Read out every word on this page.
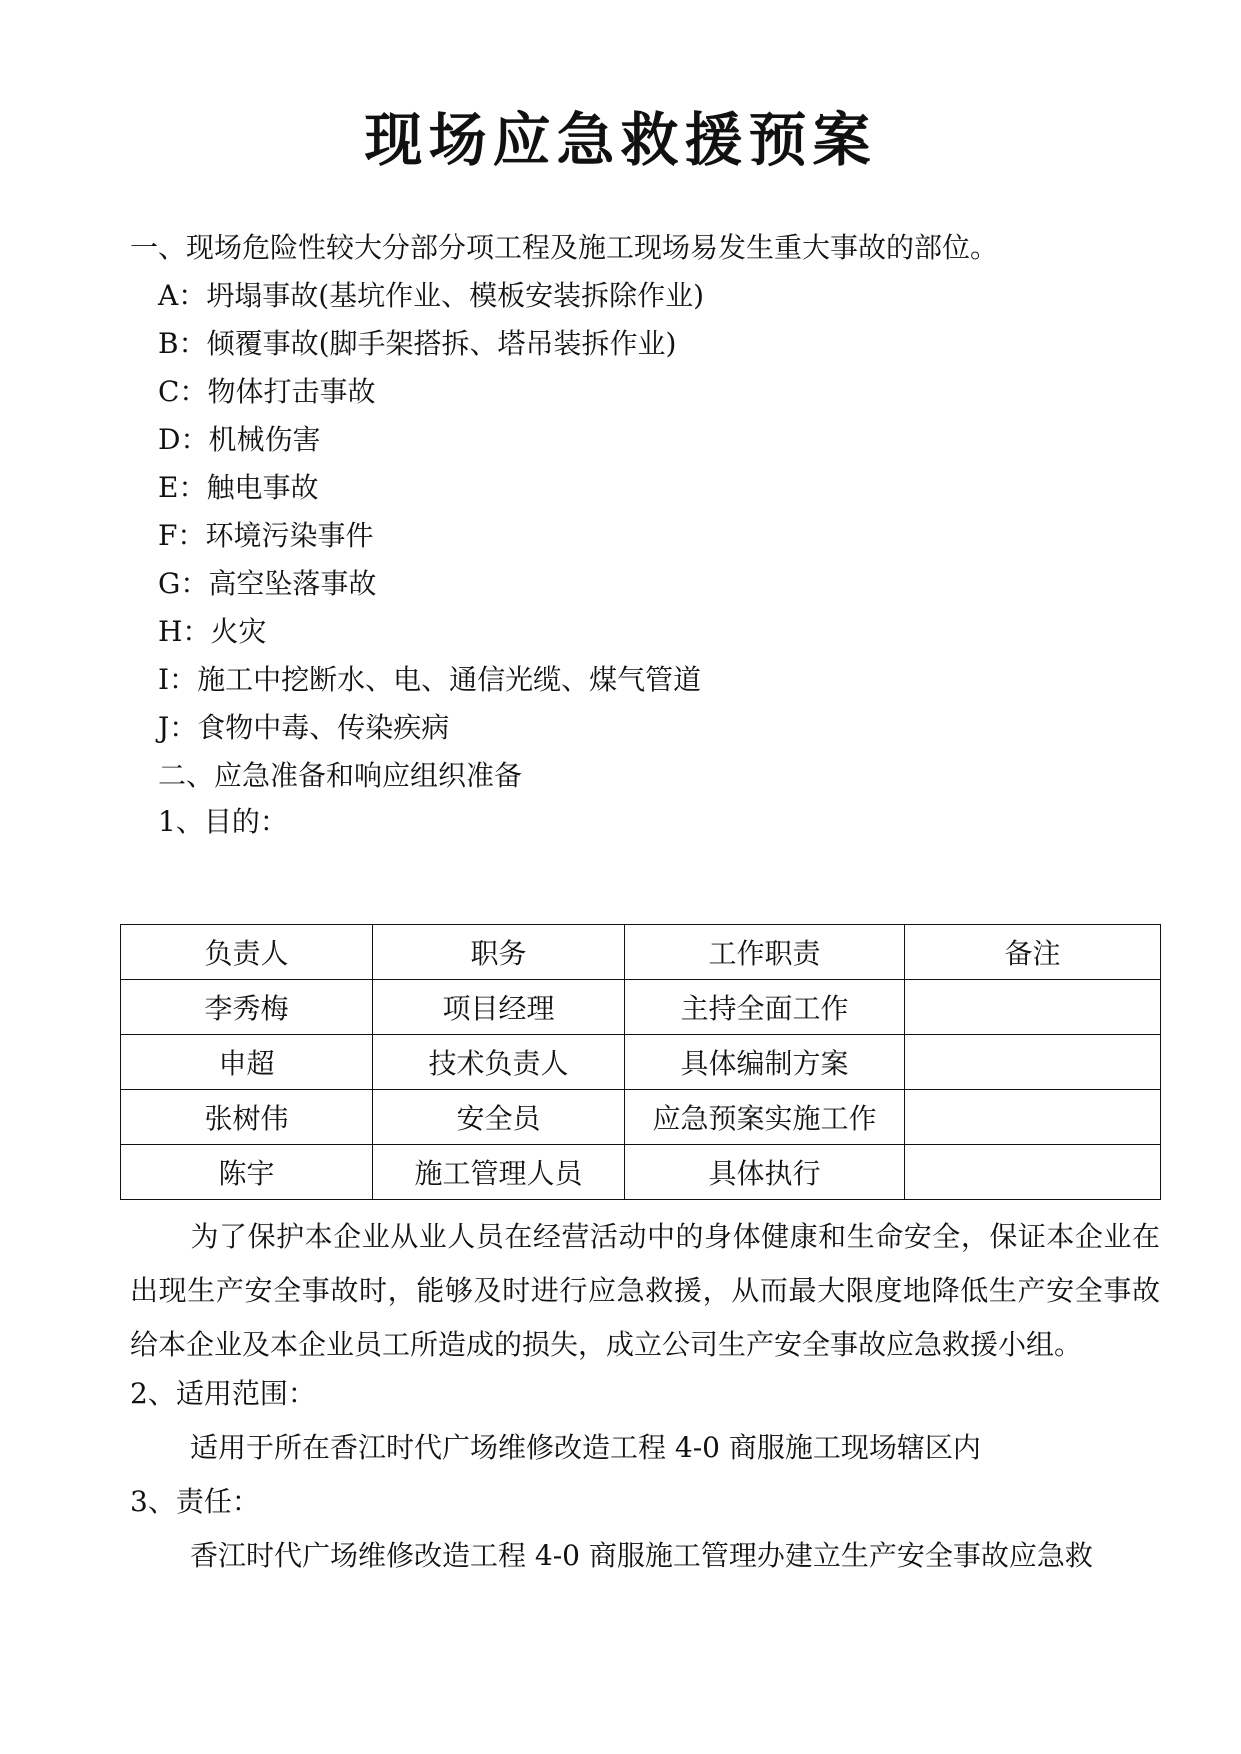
现场应急救援预案
一、现场危险性较大分部分项工程及施工现场易发生重大事故的部位。
A：坍塌事故(基坑作业、模板安装拆除作业)
B：倾覆事故(脚手架搭拆、塔吊装拆作业)
C：物体打击事故
D：机械伤害
E：触电事故
F：环境污染事件
G：高空坠落事故
H：火灾
I：施工中挖断水、电、通信光缆、煤气管道
J：食物中毒、传染疾病
二、应急准备和响应组织准备
1、目的：
负责人	职务	工作职责	备注
李秀梅	项目经理	主持全面工作	
申超	技术负责人	具体编制方案	
张树伟	安全员	应急预案实施工作	
陈宇	施工管理人员	具体执行	
为了保护本企业从业人员在经营活动中的身体健康和生命安全，保证本企业在出现生产安全事故时，能够及时进行应急救援，从而最大限度地降低生产安全事故给本企业及本企业员工所造成的损失，成立公司生产安全事故应急救援小组。
2、适用范围：
适用于所在香江时代广场维修改造工程 4-0 商服施工现场辖区内
3、责任：
香江时代广场维修改造工程 4-0 商服施工管理办建立生产安全事故应急救
